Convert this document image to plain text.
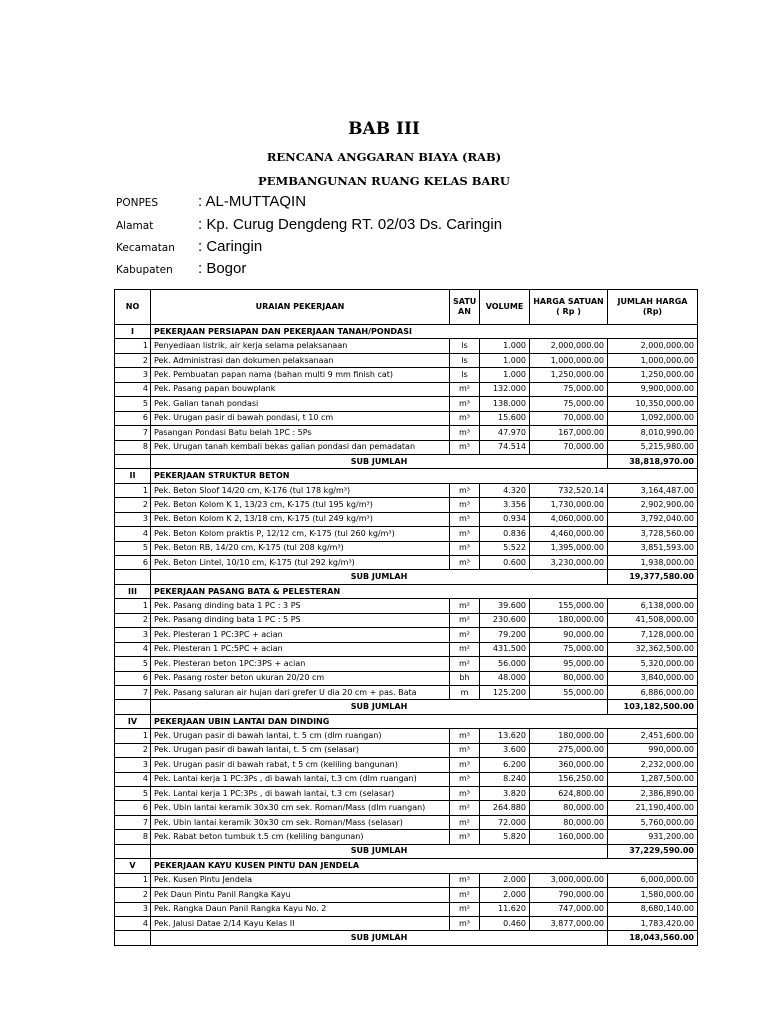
BAB III
RENCANA ANGGARAN BIAYA (RAB)
PEMBANGUNAN RUANG KELAS BARU
PONPES	: AL-MUTTAQIN
Alamat	: Kp. Curug Dengdeng RT. 02/03 Ds. Caringin
Kecamatan : Caringin
Kabupaten : Bogor
NO	URAIAN PEKERJAAN	SATU AN	VOLUME	HARGA SATUAN ( Rp )	JUMLAH HARGA (Rp)
I	PEKERJAAN PERSIAPAN DAN PEKERJAAN TANAH/PONDASI				
1	Penyediaan listrik, air kerja selama pelaksanaan	ls	1.000	2,000,000.00	2,000,000.00
2	Pek. Administrasi dan dokumen pelaksanaan	ls	1.000	1,000,000.00	1,000,000.00
3	Pek. Pembuatan papan nama (bahan multi 9 mm finish cat)	ls	1.000	1,250,000.00	1,250,000.00
4	Pek. Pasang papan bouwplank	m²	132.000	75,000.00	9,900,000.00
5	Pek. Galian tanah pondasi	m³	138.000	75,000.00	10,350,000.00
6	Pek. Urugan pasir di bawah pondasi, t 10 cm	m³	15.600	70,000.00	1,092,000.00
7	Pasangan Pondasi Batu belah 1PC : 5Ps	m³	47.970	167,000.00	8,010,990.00
8	Pek. Urugan tanah kembali bekas galian pondasi dan pemadatan	m³	74.514	70,000.00	5,215,980.00
	SUB JUMLAH				38,818,970.00
II	PEKERJAAN STRUKTUR BETON				
1	Pek. Beton Sloof 14/20 cm, K-176 (tul 178 kg/m³)	m³	4.320	732,520.14	3,164,487.00
2	Pek. Beton Kolom K 1, 13/23 cm, K-175 (tul 195 kg/m³)	m³	3.356	1,730,000.00	2,902,900.00
3	Pek. Beton Kolom K 2, 13/18 cm, K-175 (tul 249 kg/m³)	m³	0.934	4,060,000.00	3,792,040.00
4	Pek. Beton Kolom praktis P, 12/12 cm, K-175 (tul 260 kg/m³)	m³	0.836	4,460,000.00	3,728,560.00
5	Pek. Beton RB, 14/20 cm, K-175 (tul 208 kg/m³)	m³	5.522	1,395,000.00	3,851,593.00
6	Pek. Beton Lintel, 10/10 cm, K-175 (tul 292 kg/m³)	m³	0.600	3,230,000.00	1,938,000.00
	SUB JUMLAH				19,377,580.00
III	PEKERJAAN PASANG BATA & PELESTERAN				
1	Pek. Pasang dinding bata 1 PC : 3 PS	m²	39.600	155,000.00	6,138,000.00
2	Pek. Pasang dinding bata 1 PC : 5 PS	m²	230.600	180,000.00	41,508,000.00
3	Pek. Plesteran 1 PC:3PC + acian	m²	79.200	90,000.00	7,128,000.00
4	Pek. Plesteran 1 PC:5PC + acian	m²	431.500	75,000.00	32,362,500.00
5	Pek. Plesteran beton 1PC:3PS + acian	m²	56.000	95,000.00	5,320,000.00
6	Pek. Pasang roster beton ukuran 20/20 cm	bh	48.000	80,000.00	3,840,000.00
7	Pek. Pasang saluran air hujan dari grefer U dia 20 cm + pas. Bata	m	125.200	55,000.00	6,886,000.00
	SUB JUMLAH				103,182,500.00
IV	PEKERJAAN UBIN LANTAI DAN DINDING				
1	Pek. Urugan pasir di bawah lantai, t. 5 cm (dlm ruangan)	m³	13.620	180,000.00	2,451,600.00
2	Pek. Urugan pasir di bawah lantai, t. 5 cm (selasar)	m³	3.600	275,000.00	990,000.00
3	Pek. Urugan pasir di bawah rabat, t 5 cm (keliling bangunan)	m³	6.200	360,000.00	2,232,000.00
4	Pek. Lantai kerja 1 PC:3Ps , di bawah lantai, t.3 cm (dlm ruangan)	m³	8.240	156,250.00	1,287,500.00
5	Pek. Lantai kerja 1 PC:3Ps , di bawah lantai, t.3 cm (selasar)	m³	3.820	624,800.00	2,386,890.00
6	Pek. Ubin lantai keramik 30x30 cm sek. Roman/Mass (dlm ruangan)	m²	264.880	80,000.00	21,190,400.00
7	Pek. Ubin lantai keramik 30x30 cm sek. Roman/Mass (selasar)	m²	72.000	80,000.00	5,760,000.00
8	Pek. Rabat beton tumbuk t.5 cm (keliling bangunan)	m³	5.820	160,000.00	931,200.00
	SUB JUMLAH				37,229,590.00
V	PEKERJAAN KAYU KUSEN PINTU DAN JENDELA				
1	Pek. Kusen Pintu Jendela	m³	2.000	3,000,000.00	6,000,000.00
2	Pek Daun Pintu Panil Rangka Kayu	m²	2.000	790,000.00	1,580,000.00
3	Pek. Rangka Daun Panil Rangka Kayu No. 2	m²	11.620	747,000.00	8,680,140.00
4	Pek. Jalusi Datae 2/14 Kayu Kelas II	m³	0.460	3,877,000.00	1,783,420.00
	SUB JUMLAH				18,043,560.00
